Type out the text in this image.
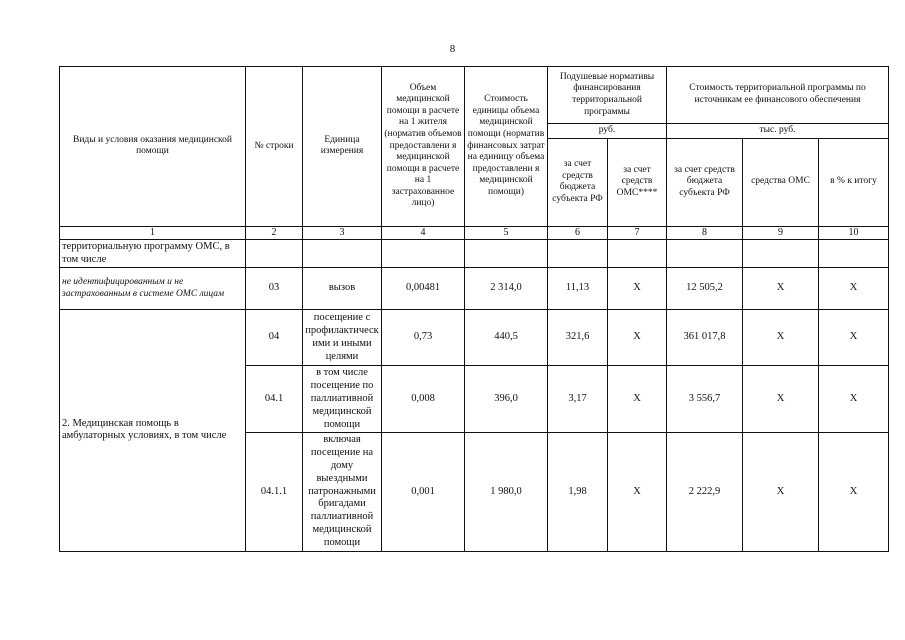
8
Виды и условия оказания медицинской помощи	№ строки	Единица измерения	Объем медицинской помощи в расчете на 1 жителя (норматив объемов предоставлени я медицинской помощи в расчете на 1 застрахованное лицо)	Стоимость единицы объема медицинской помощи (норматив финансовых затрат на единицу объема предоставлени я медицинской помощи)	Подушевые нормативы финансирования территориальной программы		Стоимость территориальной программы по источникам ее финансового обеспечения		
					руб.		тыс. руб.		
					за счет средств бюджета субъекта РФ	за счет средств ОМС****	за счет средств бюджета субъекта РФ	средства ОМС	в % к итогу
1	2	3	4	5	6	7	8	9	10
территориальную программу ОМС, в том числе									
не идентифицированным и не застрахованным в системе ОМС лицам	03	вызов	0,00481	2 314,0	11,13	X	12 505,2	X	X
2. Медицинская помощь в амбулаторных условиях, в том числе	04	посещение с профилактическ ими и иными целями	0,73	440,5	321,6	X	361 017,8	X	X
	04.1	в том числе посещение по паллиативной медицинской помощи	0,008	396,0	3,17	X	3 556,7	X	X
	04.1.1	включая посещение на дому выездными патронажными бригадами паллиативной медицинской помощи	0,001	1 980,0	1,98	X	2 222,9	X	X
